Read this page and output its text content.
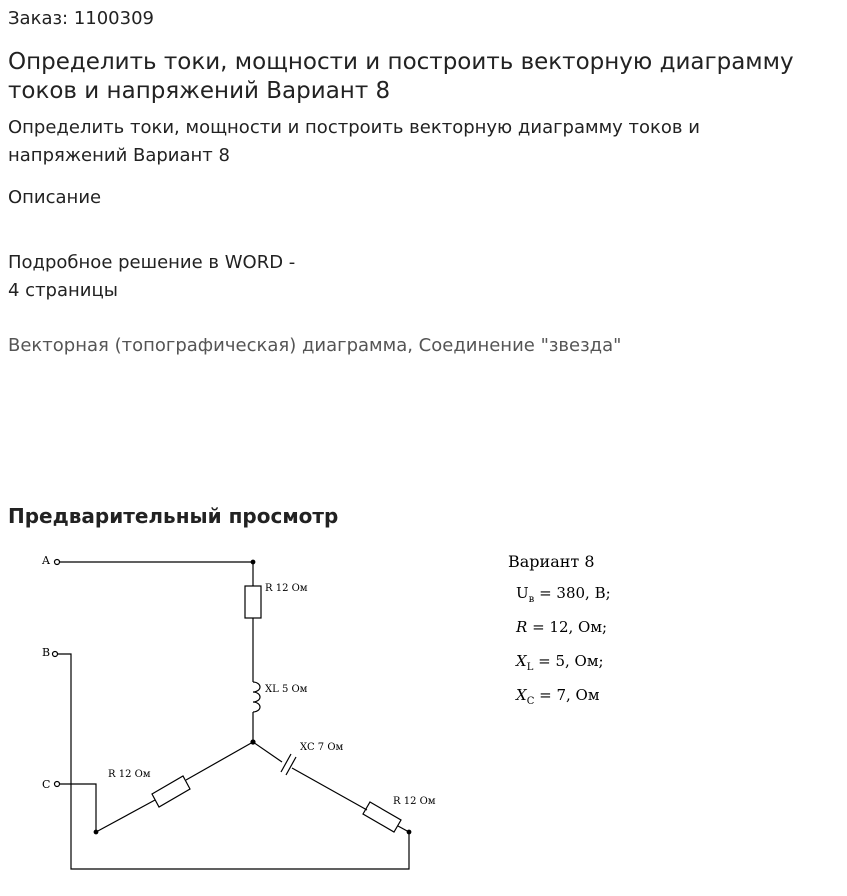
Заказ: 1100309
Определить токи, мощности и построить векторную диаграмму токов и напряжений Вариант 8
Определить токи, мощности и построить векторную диаграмму токов и напряжений Вариант 8
Описание
Подробное решение в WORD -
4 страницы
Векторная (топографическая) диаграмма, Соединение "звезда"
Предварительный просмотр
A
B
C
R 12 Ом
XL 5 Ом
XC 7 Ом
R 12 Ом
R 12 Ом
Вариант 8
$U_в = 380$, В;
R = 12, Ом;
$X_L = 5$, Ом;
$X_C = 7$, Ом
